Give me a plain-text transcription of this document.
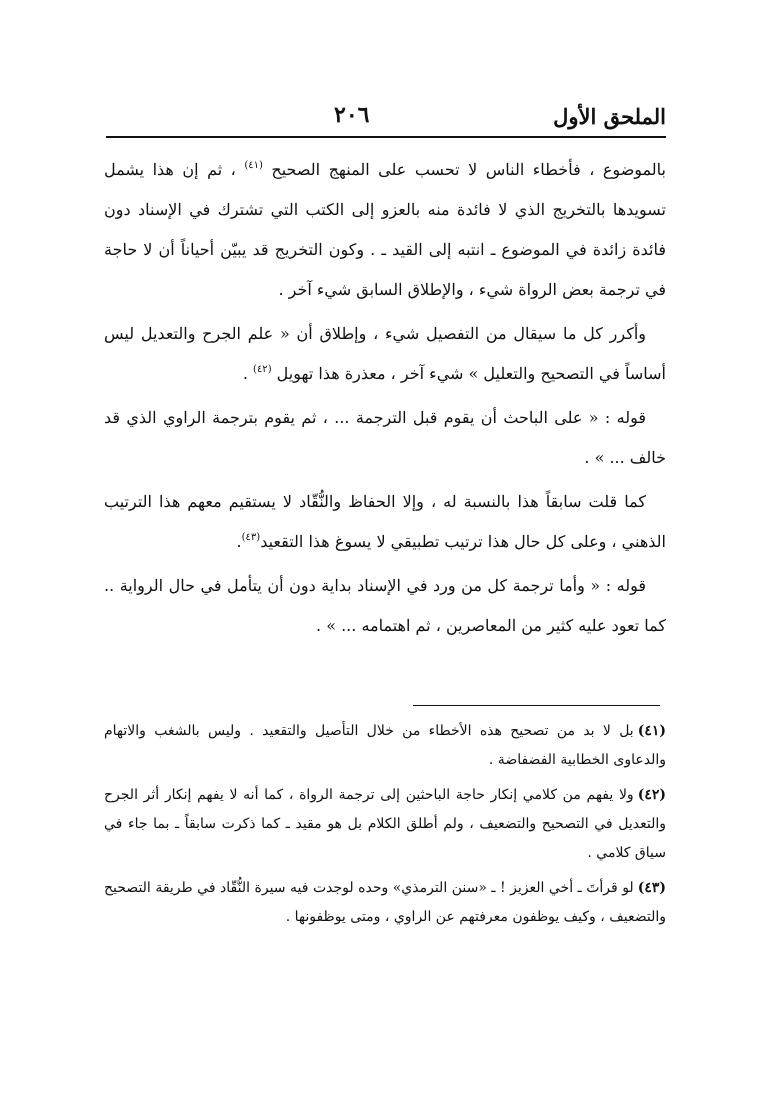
الملحق الأول
٢٠٦

بالموضوع ، فأخطاء الناس لا تحسب على المنهج الصحيح $^{(٤١)}$ ، ثم إن هذا يشمل تسويدها بالتخريج الذي لا فائدة منه بالعزو إلى الكتب التي تشترك في الإسناد دون فائدة زائدة في الموضوع ـ انتبه إلى القيد ـ . وكون التخريج قد يبيّن أحياناً أن لا حاجة في ترجمة بعض الرواة شيء ، والإطلاق السابق شيء آخر .

وأكرر كل ما سيقال من التفصيل شيء ، وإطلاق أن « علم الجرح والتعديل ليس أساساً في التصحيح والتعليل » شيء آخر ، معذرة هذا تهويل $^{(٤٢)}$ .

قوله : « على الباحث أن يقوم قبل الترجمة ... ، ثم يقوم بترجمة الراوي الذي قد خالف ... » .

كما قلت سابقاً هذا بالنسبة له ، وإلا الحفاظ والنُّقّاد لا يستقيم معهم هذا الترتيب الذهني ، وعلى كل حال هذا ترتيب تطبيقي لا يسوغ هذا التقعيد$^{(٤٣)}$.

قوله : « وأما ترجمة كل من ورد في الإسناد بداية دون أن يتأمل في حال الرواية .. كما تعود عليه كثير من المعاصرين ، ثم اهتمامه ... » .

(٤١)بل لا بد من تصحيح هذه الأخطاء من خلال التأصيل والتقعيد . وليس بالشغب والاتهام والدعاوى الخطابية الفضفاضة .

(٤٢)ولا يفهم من كلامي إنكار حاجة الباحثين إلى ترجمة الرواة ، كما أنه لا يفهم إنكار أثر الجرح والتعديل في التصحيح والتضعيف ، ولم أطلق الكلام بل هو مقيد ـ كما ذكرت سابقاً ـ بما جاء في سياق كلامي .

(٤٣)لو قرأتَ ـ أخي العزيز ! ـ «سنن الترمذي» وحده لوجدت فيه سيرة النُّقّاد في طريقة التصحيح والتضعيف ، وكيف يوظفون معرفتهم عن الراوي ، ومتى يوظفونها .
